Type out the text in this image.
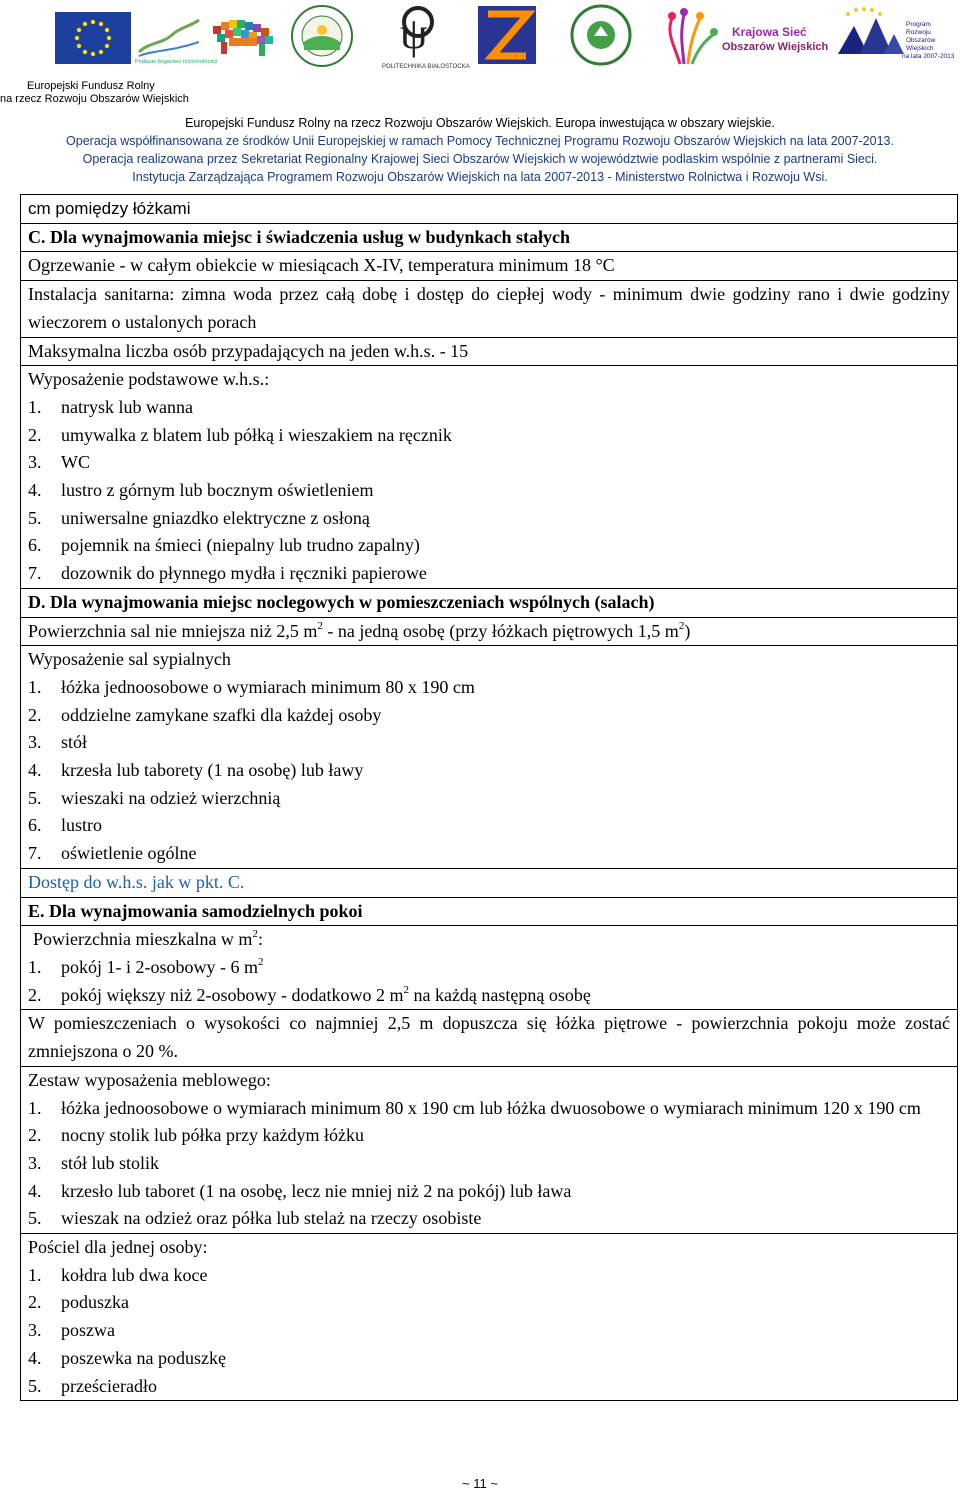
Podlasie bogactwo różnorodności
ψ
POLITECHNIKA BIAŁOSTOCKA
Krajowa Sieć
Obszarów Wiejskich
Program
Rozwoju
Obszarów
Wiejskich
na lata 2007-2013
Europejski Fundusz Rolny
na rzecz Rozwoju Obszarów Wiejskich
Europejski Fundusz Rolny na rzecz Rozwoju Obszarów Wiejskich. Europa inwestująca w obszary wiejskie.
Operacja współfinansowana ze środków Unii Europejskiej w ramach Pomocy Technicznej Programu Rozwoju Obszarów Wiejskich na lata 2007-2013.
Operacja realizowana przez Sekretariat Regionalny Krajowej Sieci Obszarów Wiejskich w województwie podlaskim wspólnie z partnerami Sieci.
Instytucja Zarządzająca Programem Rozwoju Obszarów Wiejskich na lata 2007-2013 - Ministerstwo Rolnictwa i Rozwoju Wsi.
cm pomiędzy łóżkami
C. Dla wynajmowania miejsc i świadczenia usług w budynkach stałych
Ogrzewanie - w całym obiekcie w miesiącach X-IV, temperatura minimum 18 °C
Instalacja sanitarna: zimna woda przez całą dobę i dostęp do ciepłej wody - minimum dwie godziny rano i dwie godziny wieczorem o ustalonych porach
Maksymalna liczba osób przypadających na jeden w.h.s. - 15

Wyposażenie podstawowe w.h.s.:
1. natrysk lub wanna
2. umywalka z blatem lub półką i wieszakiem na ręcznik
3. WC
4. lustro z górnym lub bocznym oświetleniem
5. uniwersalne gniazdko elektryczne z osłoną
6. pojemnik na śmieci (niepalny lub trudno zapalny)
7. dozownik do płynnego mydła i ręczniki papierowe

D. Dla wynajmowania miejsc noclegowych w pomieszczeniach wspólnych (salach)
Powierzchnia sal nie mniejsza niż 2,5 $m^2$ - na jedną osobę (przy łóżkach piętrowych 1,5 $m^2$)

Wyposażenie sal sypialnych
1. łóżka jednoosobowe o wymiarach minimum 80 x 190 cm
2. oddzielne zamykane szafki dla każdej osoby
3. stół
4. krzesła lub taborety (1 na osobę) lub ławy
5. wieszaki na odzież wierzchnią
6. lustro
7. oświetlenie ogólne

Dostęp do w.h.s. jak w pkt. C.
E. Dla wynajmowania samodzielnych pokoi

Powierzchnia mieszkalna w $m^2$:
1. pokój 1- i 2-osobowy - 6 $m^2$
2. pokój większy niż 2-osobowy - dodatkowo 2 $m^2$ na każdą następną osobę

W pomieszczeniach o wysokości co najmniej 2,5 m dopuszcza się łóżka piętrowe - powierzchnia pokoju może zostać zmniejszona o 20 %.

Zestaw wyposażenia meblowego:
1. łóżka jednoosobowe o wymiarach minimum 80 x 190 cm lub łóżka dwuosobowe o wymiarach minimum 120 x 190 cm
2. nocny stolik lub półka przy każdym łóżku
3. stół lub stolik
4. krzesło lub taboret (1 na osobę, lecz nie mniej niż 2 na pokój) lub ława
5. wieszak na odzież oraz półka lub stelaż na rzeczy osobiste

Pościel dla jednej osoby:
1. kołdra lub dwa koce
2. poduszka
3. poszwa
4. poszewka na poduszkę
5. prześcieradło
~ 11 ~
